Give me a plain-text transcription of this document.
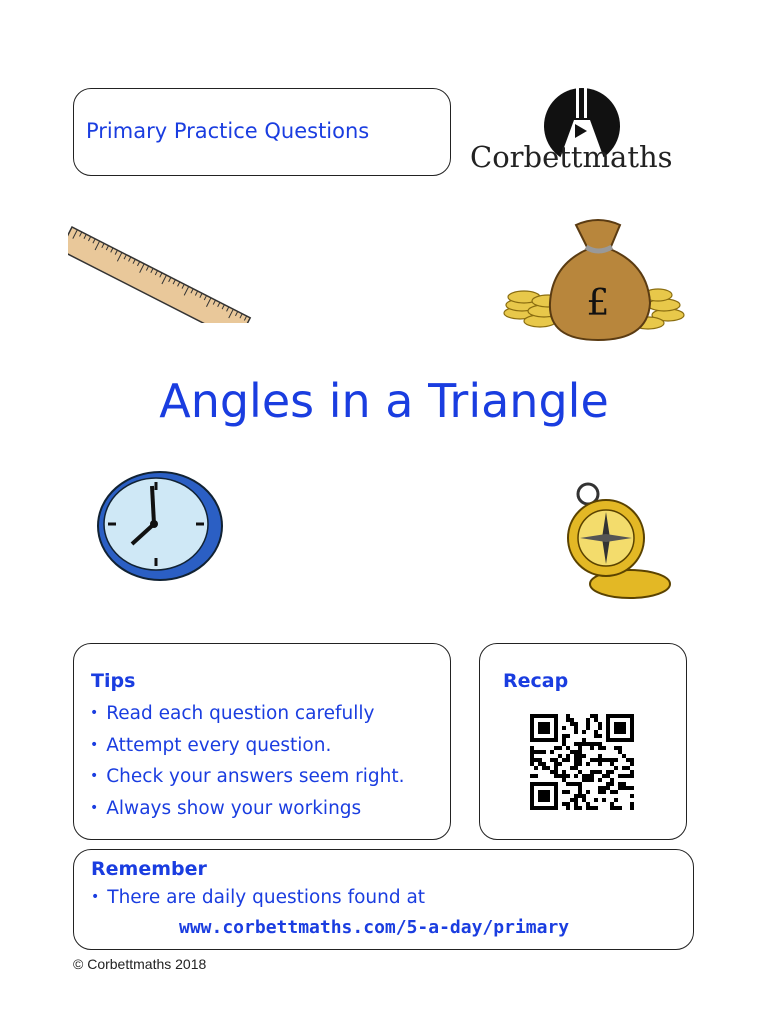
Primary Practice Questions
Corbettmaths
£
Angles in a Triangle
Tips
• Read each question carefully
• Attempt every question.
• Check your answers seem right.
• Always show your workings
Recap
Remember
• There are daily questions found at
www.corbettmaths.com/5-a-day/primary
© Corbettmaths 2018
